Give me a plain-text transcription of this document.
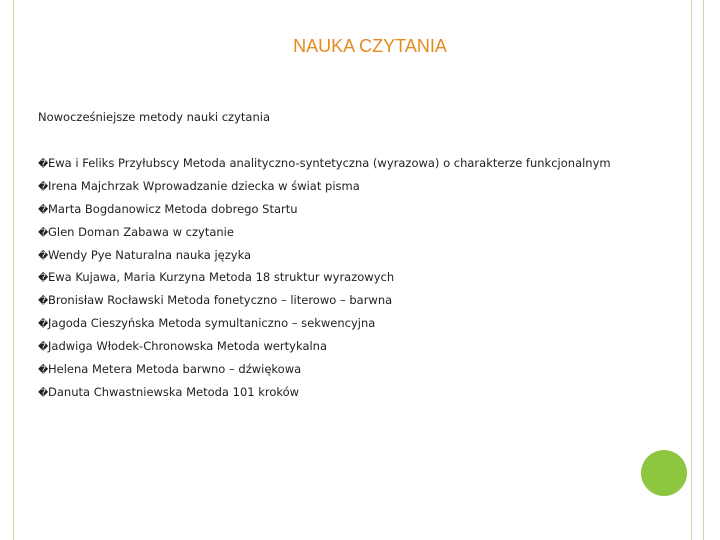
NAUKA CZYTANIA
Nowocześniejsze metody nauki czytania
�Ewa i Feliks Przyłubscy Metoda analityczno-syntetyczna (wyrazowa) o charakterze funkcjonalnym
�Irena Majchrzak Wprowadzanie dziecka w świat pisma
�Marta Bogdanowicz Metoda dobrego Startu
�Glen Doman Zabawa w czytanie
�Wendy Pye Naturalna nauka języka
�Ewa Kujawa, Maria Kurzyna Metoda 18 struktur wyrazowych
�Bronisław Rocławski Metoda fonetyczno – literowo – barwna
�Jagoda Cieszyńska Metoda symultaniczno – sekwencyjna
�Jadwiga Włodek-Chronowska Metoda wertykalna
�Helena Metera Metoda barwno – dźwiękowa
�Danuta Chwastniewska Metoda 101 kroków
